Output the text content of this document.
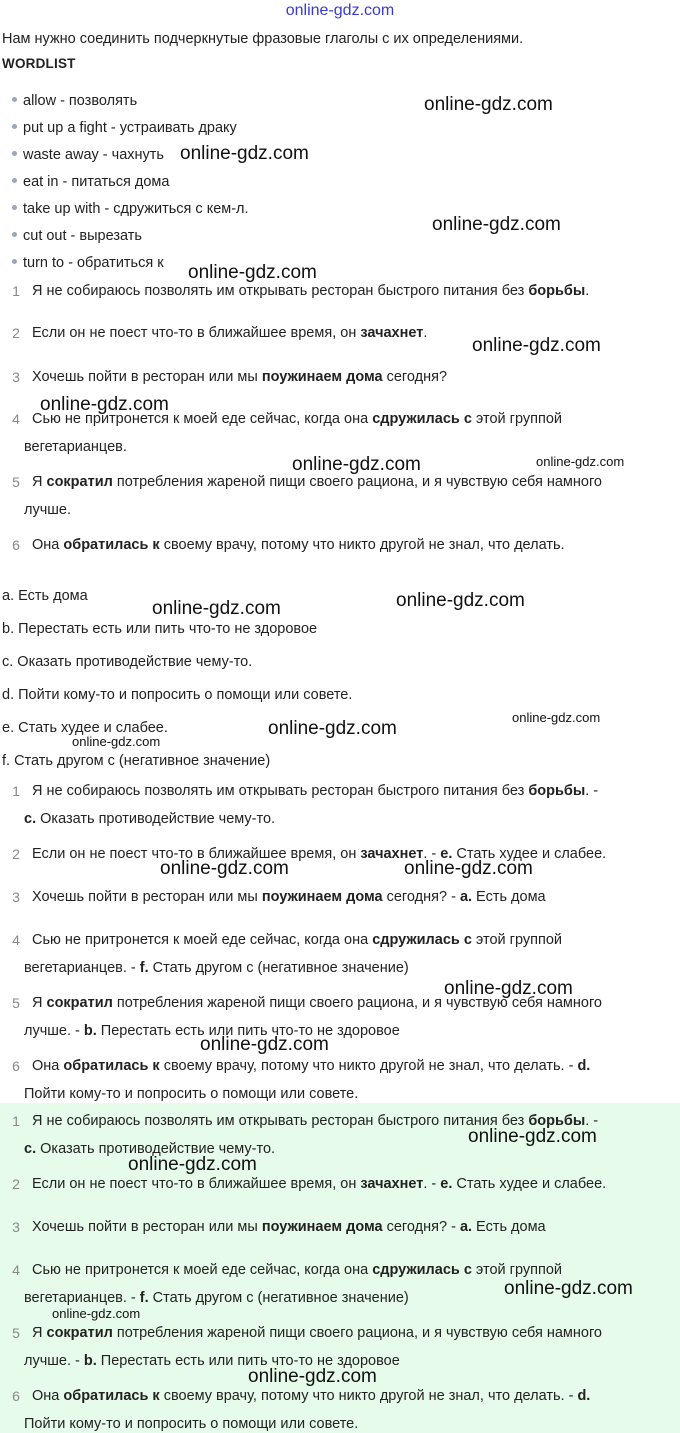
online-gdz.com
Нам нужно соединить подчеркнутые фразовые глаголы с их определениями.
WORDLIST
allow - позволять
put up a fight - устраивать драку
waste away - чахнуть
eat in - питаться дома
take up with - сдружиться с кем-л.
cut out - вырезать
turn to - обратиться к
1 Я не собираюсь позволять им открывать ресторан быстрого питания без борьбы.
2 Если он не поест что-то в ближайшее время, он зачахнет.
3 Хочешь пойти в ресторан или мы поужинаем дома сегодня?
4 Сью не притронется к моей еде сейчас, когда она сдружилась с этой группой
вегетарианцев.
5 Я сократил потребления жареной пищи своего рациона, и я чувствую себя намного
лучше.
6 Она обратилась к своему врачу, потому что никто другой не знал, что делать.
a. Есть дома
b. Перестать есть или пить что-то не здоровое
c. Оказать противодействие чему-то.
d. Пойти кому-то и попросить о помощи или совете.
e. Стать худее и слабее.
f. Стать другом с (негативное значение)
1 Я не собираюсь позволять им открывать ресторан быстрого питания без борьбы. -
c. Оказать противодействие чему-то.
2 Если он не поест что-то в ближайшее время, он зачахнет. - e. Стать худее и слабее.
3 Хочешь пойти в ресторан или мы поужинаем дома сегодня? - a. Есть дома
4 Сью не притронется к моей еде сейчас, когда она сдружилась с этой группой
вегетарианцев. - f. Стать другом с (негативное значение)
5 Я сократил потребления жареной пищи своего рациона, и я чувствую себя намного
лучше. - b. Перестать есть или пить что-то не здоровое
6 Она обратилась к своему врачу, потому что никто другой не знал, что делать. - d.
Пойти кому-то и попросить о помощи или совете.
1 Я не собираюсь позволять им открывать ресторан быстрого питания без борьбы. -
c. Оказать противодействие чему-то.
2 Если он не поест что-то в ближайшее время, он зачахнет. - e. Стать худее и слабее.
3 Хочешь пойти в ресторан или мы поужинаем дома сегодня? - a. Есть дома
4 Сью не притронется к моей еде сейчас, когда она сдружилась с этой группой
вегетарианцев. - f. Стать другом с (негативное значение)
5 Я сократил потребления жареной пищи своего рациона, и я чувствую себя намного
лучше. - b. Перестать есть или пить что-то не здоровое
6 Она обратилась к своему врачу, потому что никто другой не знал, что делать. - d.
Пойти кому-то и попросить о помощи или совете.
online-gdz.com
online-gdz.com
online-gdz.com
online-gdz.com
online-gdz.com
online-gdz.com
online-gdz.com	online-gdz.com
online-gdz.com
online-gdz.com
online-gdz.com
online-gdz.com
online-gdz.com
online-gdz.com	online-gdz.com
online-gdz.com
online-gdz.com
online-gdz.com
online-gdz.com
online-gdz.com
online-gdz.com
online-gdz.com
